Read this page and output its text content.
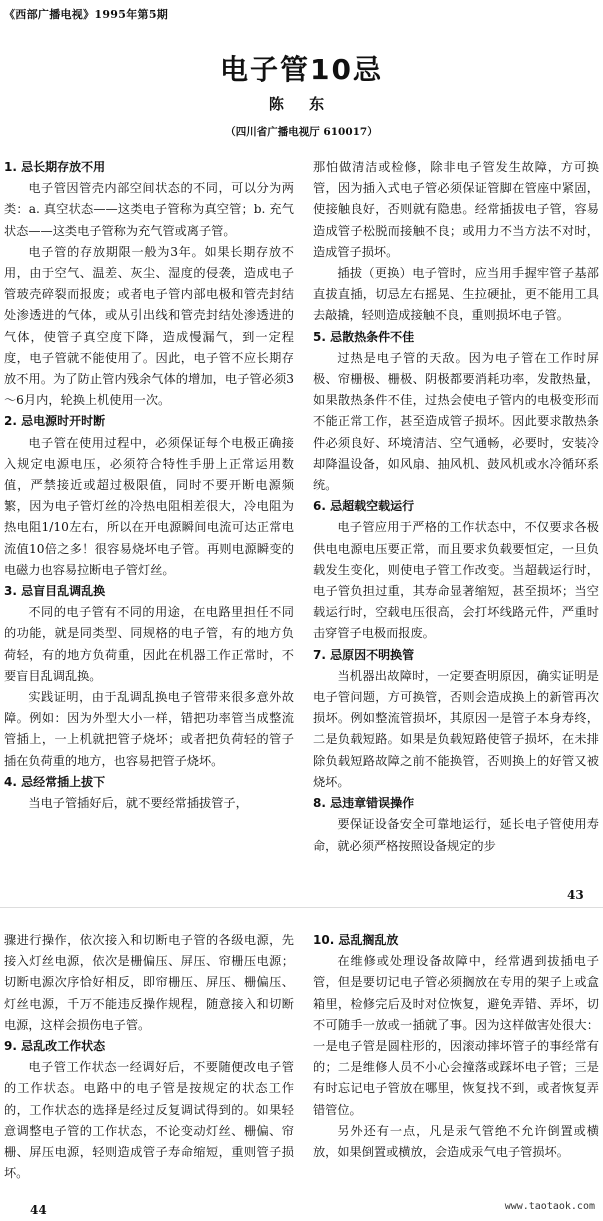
《西部广播电视》1995年第5期
电子管10忌
陈 东
（四川省广播电视厅 610017）

1. 忌长期存放不用

电子管因管壳内部空间状态的不同，可以分为两类：a. 真空状态——这类电子管称为真空管；b. 充气状态——这类电子管称为充气管或离子管。

电子管的存放期限一般为3年。如果长期存放不用，由于空气、温差、灰尘、湿度的侵袭，造成电子管玻壳碎裂而报废；或者电子管内部电极和管壳封结处渗透进的气体，或从引出线和管壳封结处渗透进的气体，使管子真空度下降，造成慢漏气，到一定程度，电子管就不能使用了。因此，电子管不应长期存放不用。为了防止管内残余气体的增加，电子管必须3～6月内，轮换上机使用一次。

2. 忌电源时开时断

电子管在使用过程中，必须保证每个电极正确接入规定电源电压，必须符合特性手册上正常运用数值，严禁接近或超过极限值，同时不要开断电源频繁，因为电子管灯丝的冷热电阻相差很大，冷电阻为热电阻1/10左右，所以在开电源瞬间电流可达正常电流值10倍之多！很容易烧坏电子管。再则电源瞬变的电磁力也容易拉断电子管灯丝。

3. 忌盲目乱调乱换

不同的电子管有不同的用途，在电路里担任不同的功能，就是同类型、同规格的电子管，有的地方负荷轻，有的地方负荷重，因此在机器工作正常时，不要盲目乱调乱换。

实践证明，由于乱调乱换电子管带来很多意外故障。例如：因为外型大小一样，错把功率管当成整流管插上，一上机就把管子烧坏；或者把负荷轻的管子插在负荷重的地方，也容易把管子烧坏。

4. 忌经常插上拔下

当电子管插好后，就不要经常插拔管子，

那怕做清洁或检修，除非电子管发生故障，方可换管，因为插入式电子管必须保证管脚在管座中紧固，使接触良好，否则就有隐患。经常插拔电子管，容易造成管子松脱而接触不良；或用力不当方法不对时，造成管子损坏。

插拔（更换）电子管时，应当用手握牢管子基部直拔直插，切忌左右摇晃、生拉硬扯，更不能用工具去敲撬，轻则造成接触不良，重则损坏电子管。

5. 忌散热条件不佳

过热是电子管的天敌。因为电子管在工作时屏极、帘栅极、栅极、阴极都要消耗功率，发散热量，如果散热条件不佳，过热会使电子管内的电极变形而不能正常工作，甚至造成管子损坏。因此要求散热条件必须良好、环境清洁、空气通畅，必要时，安装冷却降温设备，如风扇、抽风机、鼓风机或水冷循环系统。

6. 忌超载空载运行

电子管应用于严格的工作状态中，不仅要求各极供电电源电压要正常，而且要求负载要恒定，一旦负载发生变化，则使电子管工作改变。当超载运行时，电子管负担过重，其寿命显著缩短，甚至损坏；当空载运行时，空载电压很高，会打坏线路元件，严重时击穿管子电极而报废。

7. 忌原因不明换管

当机器出故障时，一定要查明原因，确实证明是电子管问题，方可换管，否则会造成换上的新管再次损坏。例如整流管损坏，其原因一是管子本身寿终，二是负载短路。如果是负载短路使管子损坏，在未排除负载短路故障之前不能换管，否则换上的好管又被烧坏。

8. 忌违章错误操作

要保证设备安全可靠地运行，延长电子管使用寿命，就必须严格按照设备规定的步

43

骤进行操作，依次接入和切断电子管的各级电源，先接入灯丝电源，依次是栅偏压、屏压、帘栅压电源；切断电源次序恰好相反，即帘栅压、屏压、栅偏压、灯丝电源，千万不能违反操作规程，随意接入和切断电源，这样会损伤电子管。

9. 忌乱改工作状态

电子管工作状态一经调好后，不要随便改电子管的工作状态。电路中的电子管是按规定的状态工作的，工作状态的选择是经过反复调试得到的。如果轻意调整电子管的工作状态，不论变动灯丝、栅偏、帘栅、屏压电源，轻则造成管子寿命缩短，重则管子损坏。

10. 忌乱搁乱放

在维修或处理设备故障中，经常遇到拔插电子管，但是要切记电子管必须搁放在专用的架子上或盒箱里，检修完后及时对位恢复，避免弄错、弄坏，切不可随手一放或一插就了事。因为这样做害处很大：一是电子管是圆柱形的，因滚动摔坏管子的事经常有的；二是维修人员不小心会撞落或踩坏电子管；三是有时忘记电子管放在哪里，恢复找不到，或者恢复弄错管位。

另外还有一点，凡是汞气管绝不允许倒置或横放，如果倒置或横放，会造成汞气电子管损坏。

44	www.taotaok.com
